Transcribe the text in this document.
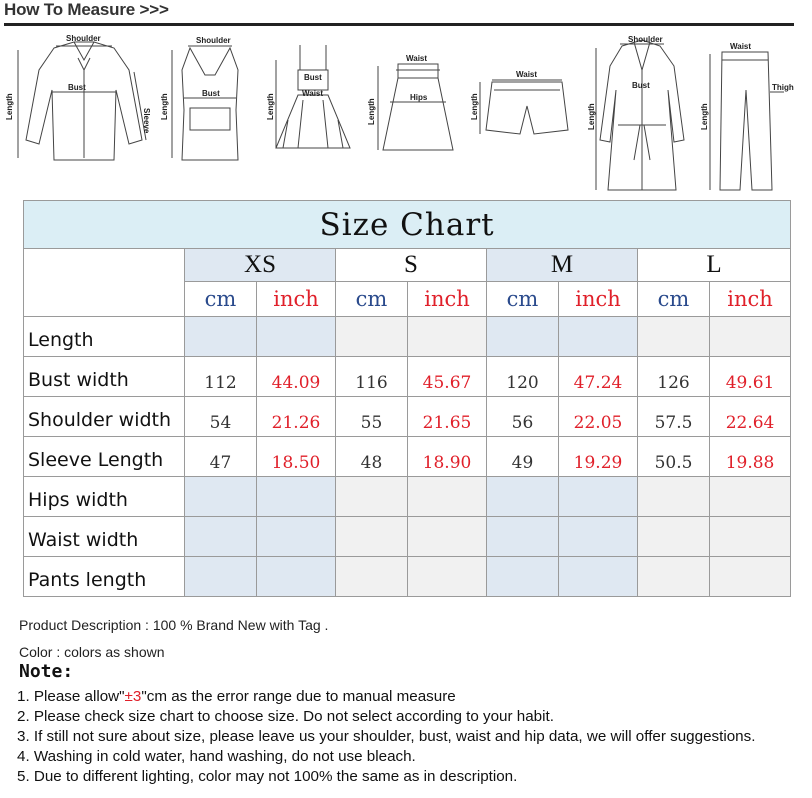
How To Measure >>>
Shoulder
Bust
Sleeve
Length
Shoulder
Bust
Length
Bust
Waist
Length
Waist
Hips
Length
Waist
Length
Shoulder
Bust
Length
Waist
Thigh
Length
Size Chart								
	XS		S		M		L	
	cm	inch	cm	inch	cm	inch	cm	inch
Length								
Bust width	112	44.09	116	45.67	120	47.24	126	49.61
Shoulder width	54	21.26	55	21.65	56	22.05	57.5	22.64
Sleeve Length	47	18.50	48	18.90	49	19.29	50.5	19.88
Hips width								
Waist width								
Pants length								
Product Description : 100 % Brand New with Tag .
Color : colors as shown
Note:
1. Please allow"±3"cm as the error range due to manual measure
2. Please check size chart to choose size. Do not select according to your habit.
3. If still not sure about size, please leave us your shoulder, bust, waist and hip data, we will offer suggestions.
4. Washing in cold water, hand washing, do not use bleach.
5. Due to different lighting, color may not 100% the same as in description.
